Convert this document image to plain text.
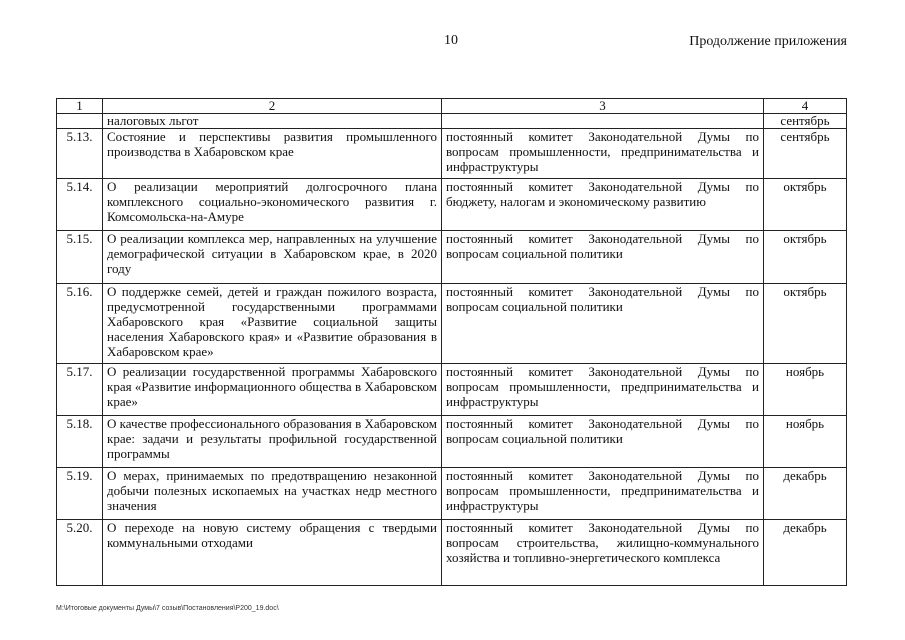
10	Продолжение приложения
1	2	3	4
	налоговых льгот		сентябрь
5.13.	Состояние и перспективы развития промышленного производства в Хабаровском крае	постоянный комитет Законодательной Думы по вопросам промышленности, предпринимательства и инфраструктуры	сентябрь
5.14.	О реализации мероприятий долгосрочного плана комплексного социально-экономического развития г. Комсомольска-на-Амуре	постоянный комитет Законодательной Думы по бюджету, налогам и экономическому развитию	октябрь
5.15.	О реализации комплекса мер, направленных на улучшение демографической ситуации в Хабаровском крае, в 2020 году	постоянный комитет Законодательной Думы по вопросам социальной политики	октябрь
5.16.	О поддержке семей, детей и граждан пожилого возраста, предусмотренной государственными программами Хабаровского края «Развитие социальной защиты населения Хабаровского края» и «Развитие образования в Хабаровском крае»	постоянный комитет Законодательной Думы по вопросам социальной политики	октябрь
5.17.	О реализации государственной программы Хабаровского края «Развитие информационного общества в Хабаровском крае»	постоянный комитет Законодательной Думы по вопросам промышленности, предпринимательства и инфраструктуры	ноябрь
5.18.	О качестве профессионального образования в Хабаровском крае: задачи и результаты профильной государственной программы	постоянный комитет Законодательной Думы по вопросам социальной политики	ноябрь
5.19.	О мерах, принимаемых по предотвращению незаконной добычи полезных ископаемых на участках недр местного значения	постоянный комитет Законодательной Думы по вопросам промышленности, предпринимательства и инфраструктуры	декабрь
5.20.	О переходе на новую систему обращения с твердыми коммунальными отходами	постоянный комитет Законодательной Думы по вопросам строительства, жилищно-коммунального хозяйства и топливно-энергетического комплекса	декабрь
M:\Итоговые документы Думы\7 созыв\Постановления\P200_19.doc\
